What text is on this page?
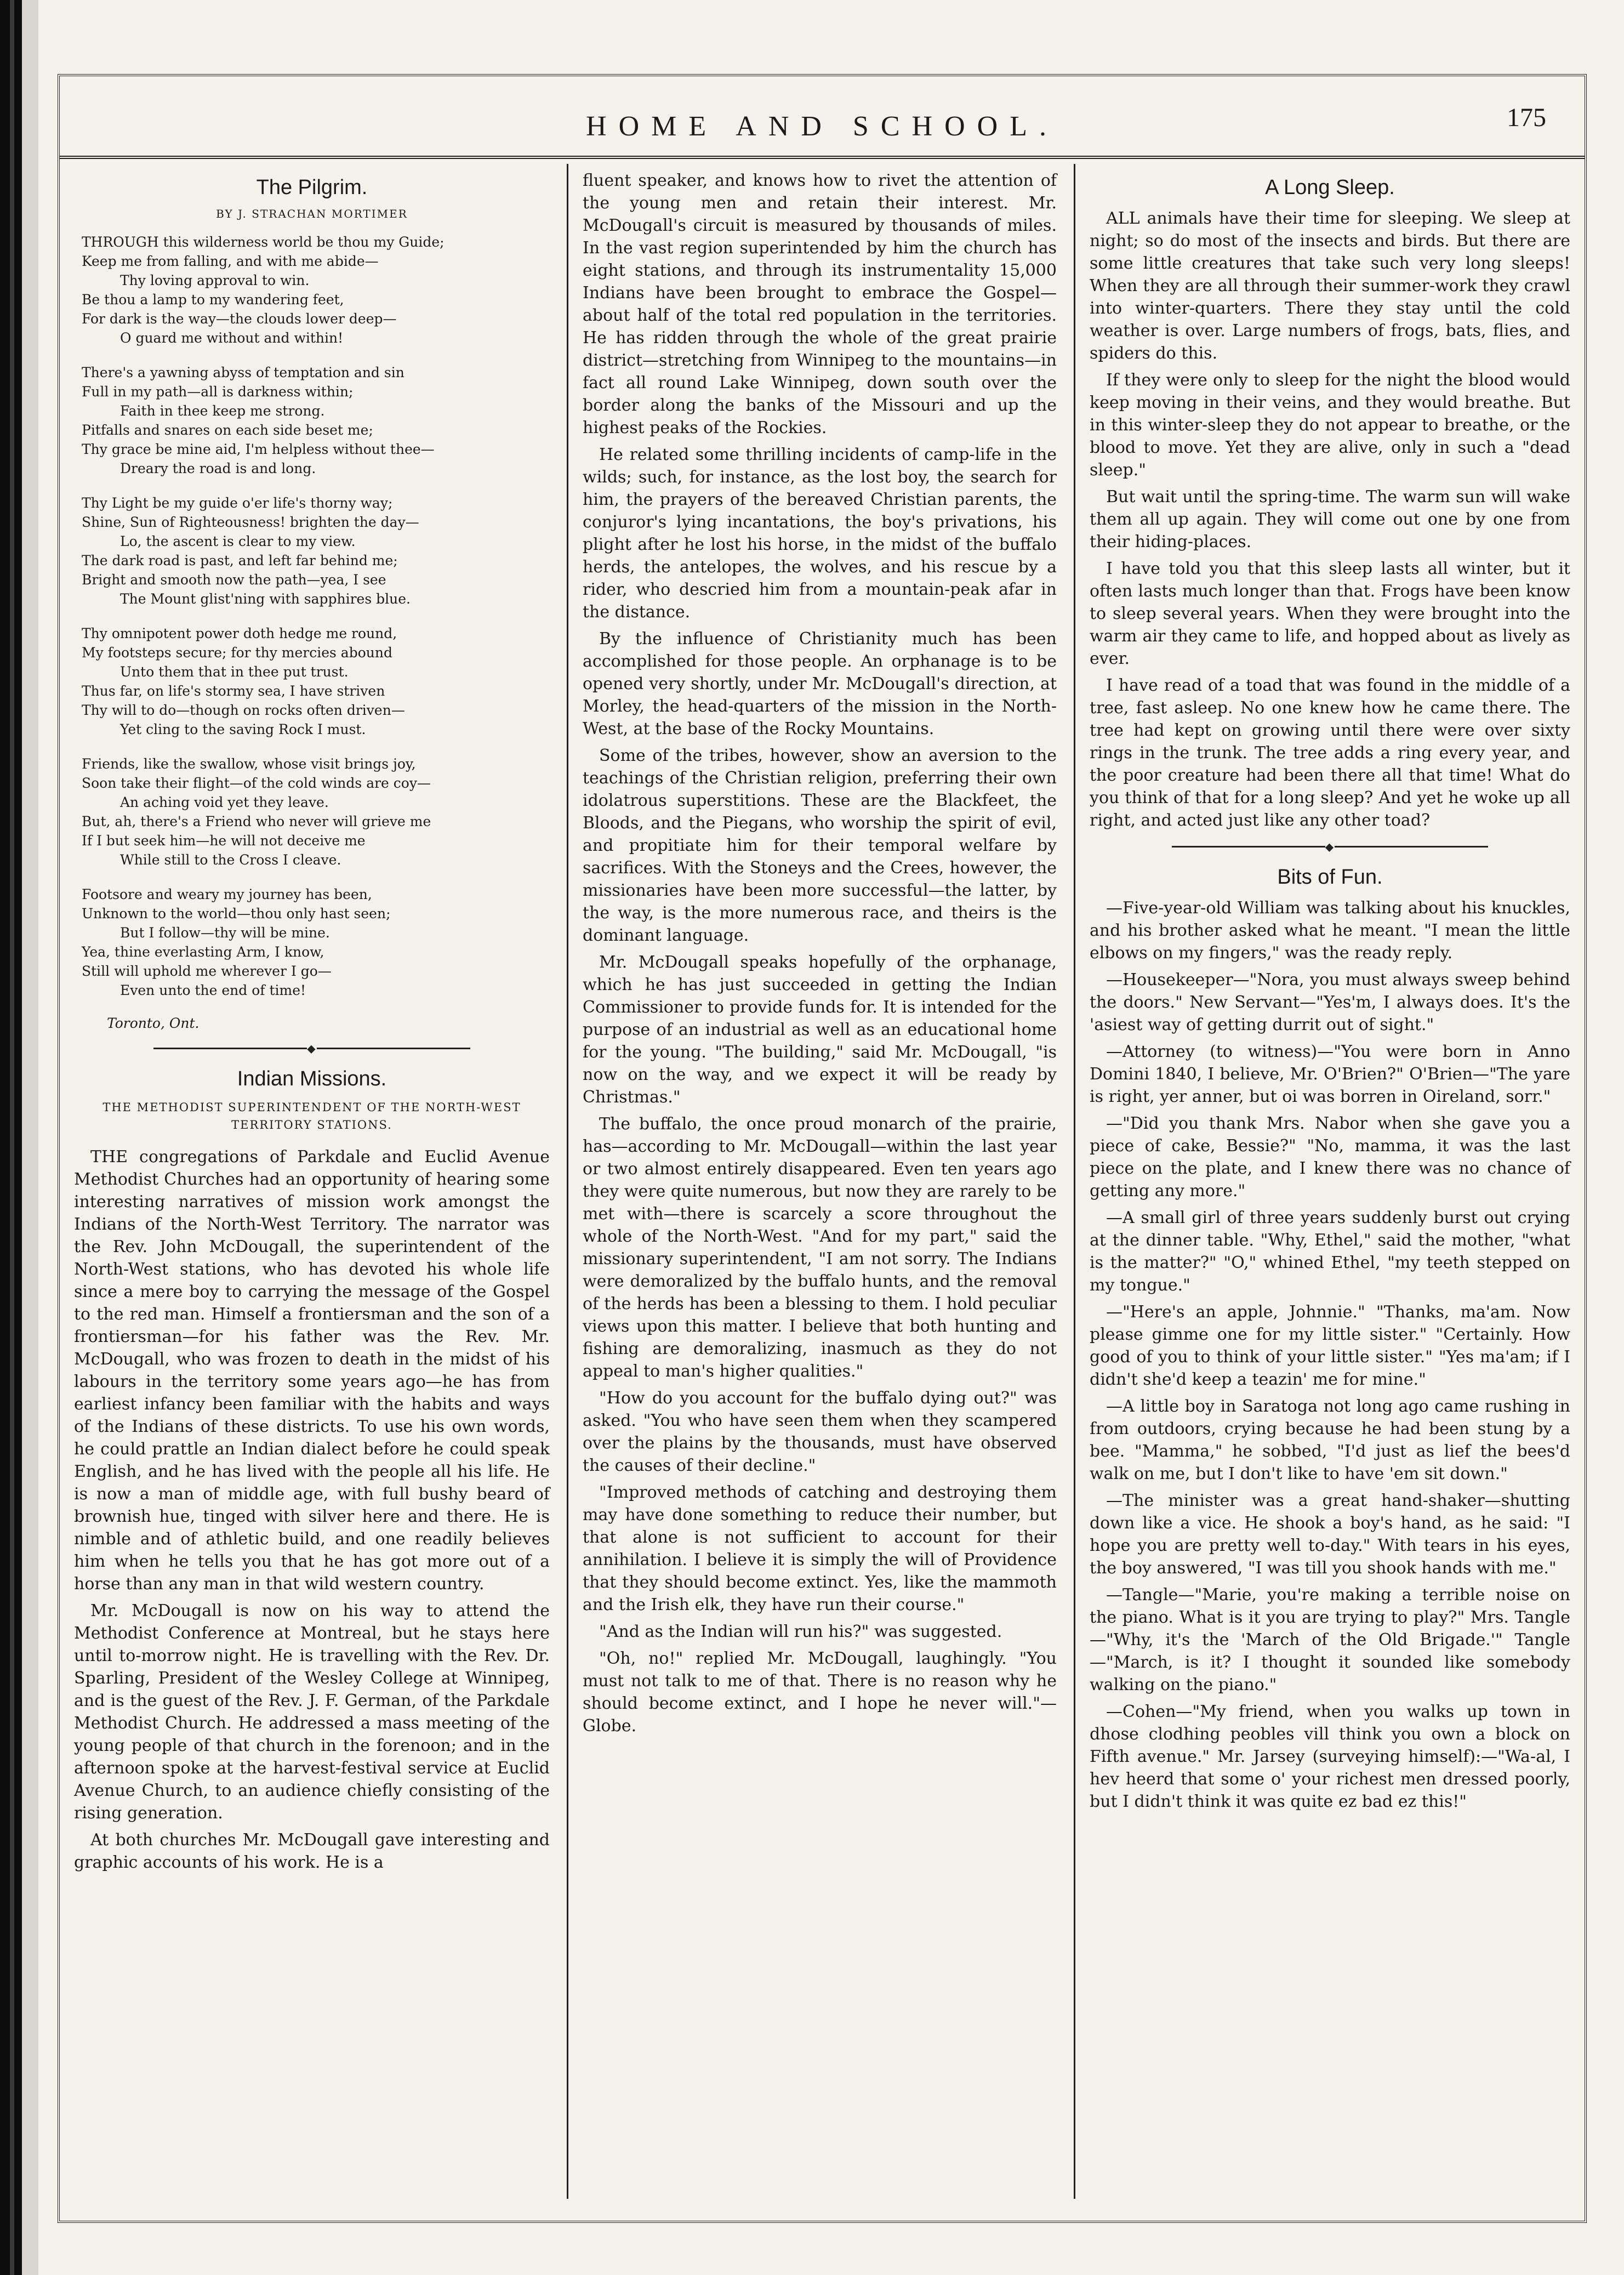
HOME AND SCHOOL.	175
The Pilgrim.
BY J. STRACHAN MORTIMER
THROUGH this wilderness world be thou my Guide;
Keep me from falling, and with me abide—
Thy loving approval to win.
Be thou a lamp to my wandering feet,
For dark is the way—the clouds lower deep—
O guard me without and within!
There's a yawning abyss of temptation and sin
Full in my path—all is darkness within;
Faith in thee keep me strong.
Pitfalls and snares on each side beset me;
Thy grace be mine aid, I'm helpless without thee—
Dreary the road is and long.
Thy Light be my guide o'er life's thorny way;
Shine, Sun of Righteousness! brighten the day—
Lo, the ascent is clear to my view.
The dark road is past, and left far behind me;
Bright and smooth now the path—yea, I see
The Mount glist'ning with sapphires blue.
Thy omnipotent power doth hedge me round,
My footsteps secure; for thy mercies abound
Unto them that in thee put trust.
Thus far, on life's stormy sea, I have striven
Thy will to do—though on rocks often driven—
Yet cling to the saving Rock I must.
Friends, like the swallow, whose visit brings joy,
Soon take their flight—of the cold winds are coy—
An aching void yet they leave.
But, ah, there's a Friend who never will grieve me
If I but seek him—he will not deceive me
While still to the Cross I cleave.
Footsore and weary my journey has been,
Unknown to the world—thou only hast seen;
But I follow—thy will be mine.
Yea, thine everlasting Arm, I know,
Still will uphold me wherever I go—
Even unto the end of time!
Toronto, Ont.
◆
Indian Missions.
THE METHODIST SUPERINTENDENT OF THE NORTH-WEST TERRITORY STATIONS.

THE congregations of Parkdale and Euclid Avenue Methodist Churches had an opportunity of hearing some interesting narratives of mission work amongst the Indians of the North-West Territory. The narrator was the Rev. John McDougall, the superintendent of the North-West stations, who has devoted his whole life since a mere boy to carrying the message of the Gospel to the red man. Himself a frontiersman and the son of a frontiersman—for his father was the Rev. Mr. McDougall, who was frozen to death in the midst of his labours in the territory some years ago—he has from earliest infancy been familiar with the habits and ways of the Indians of these districts. To use his own words, he could prattle an Indian dialect before he could speak English, and he has lived with the people all his life. He is now a man of middle age, with full bushy beard of brownish hue, tinged with silver here and there. He is nimble and of athletic build, and one readily believes him when he tells you that he has got more out of a horse than any man in that wild western country.

Mr. McDougall is now on his way to attend the Methodist Conference at Montreal, but he stays here until to-morrow night. He is travelling with the Rev. Dr. Sparling, President of the Wesley College at Winnipeg, and is the guest of the Rev. J. F. German, of the Parkdale Methodist Church. He addressed a mass meeting of the young people of that church in the forenoon; and in the afternoon spoke at the harvest-festival service at Euclid Avenue Church, to an audience chiefly consisting of the rising generation.

At both churches Mr. McDougall gave interesting and graphic accounts of his work. He is a

fluent speaker, and knows how to rivet the attention of the young men and retain their interest. Mr. McDougall's circuit is measured by thousands of miles. In the vast region superintended by him the church has eight stations, and through its instrumentality 15,000 Indians have been brought to embrace the Gospel—about half of the total red population in the territories. He has ridden through the whole of the great prairie district—stretching from Winnipeg to the mountains—in fact all round Lake Winnipeg, down south over the border along the banks of the Missouri and up the highest peaks of the Rockies.

He related some thrilling incidents of camp-life in the wilds; such, for instance, as the lost boy, the search for him, the prayers of the bereaved Christian parents, the conjuror's lying incantations, the boy's privations, his plight after he lost his horse, in the midst of the buffalo herds, the antelopes, the wolves, and his rescue by a rider, who descried him from a mountain-peak afar in the distance.

By the influence of Christianity much has been accomplished for those people. An orphanage is to be opened very shortly, under Mr. McDougall's direction, at Morley, the head-quarters of the mission in the North-West, at the base of the Rocky Mountains.

Some of the tribes, however, show an aversion to the teachings of the Christian religion, preferring their own idolatrous superstitions. These are the Blackfeet, the Bloods, and the Piegans, who worship the spirit of evil, and propitiate him for their temporal welfare by sacrifices. With the Stoneys and the Crees, however, the missionaries have been more successful—the latter, by the way, is the more numerous race, and theirs is the dominant language.

Mr. McDougall speaks hopefully of the orphanage, which he has just succeeded in getting the Indian Commissioner to provide funds for. It is intended for the purpose of an industrial as well as an educational home for the young. "The building," said Mr. McDougall, "is now on the way, and we expect it will be ready by Christmas."

The buffalo, the once proud monarch of the prairie, has—according to Mr. McDougall—within the last year or two almost entirely disappeared. Even ten years ago they were quite numerous, but now they are rarely to be met with—there is scarcely a score throughout the whole of the North-West. "And for my part," said the missionary superintendent, "I am not sorry. The Indians were demoralized by the buffalo hunts, and the removal of the herds has been a blessing to them. I hold peculiar views upon this matter. I believe that both hunting and fishing are demoralizing, inasmuch as they do not appeal to man's higher qualities."

"How do you account for the buffalo dying out?" was asked. "You who have seen them when they scampered over the plains by the thousands, must have observed the causes of their decline."

"Improved methods of catching and destroying them may have done something to reduce their number, but that alone is not sufficient to account for their annihilation. I believe it is simply the will of Providence that they should become extinct. Yes, like the mammoth and the Irish elk, they have run their course."

"And as the Indian will run his?" was suggested.

"Oh, no!" replied Mr. McDougall, laughingly. "You must not talk to me of that. There is no reason why he should become extinct, and I hope he never will."—Globe.

A Long Sleep.

ALL animals have their time for sleeping. We sleep at night; so do most of the insects and birds. But there are some little creatures that take such very long sleeps! When they are all through their summer-work they crawl into winter-quarters. There they stay until the cold weather is over. Large numbers of frogs, bats, flies, and spiders do this.

If they were only to sleep for the night the blood would keep moving in their veins, and they would breathe. But in this winter-sleep they do not appear to breathe, or the blood to move. Yet they are alive, only in such a "dead sleep."

But wait until the spring-time. The warm sun will wake them all up again. They will come out one by one from their hiding-places.

I have told you that this sleep lasts all winter, but it often lasts much longer than that. Frogs have been know to sleep several years. When they were brought into the warm air they came to life, and hopped about as lively as ever.

I have read of a toad that was found in the middle of a tree, fast asleep. No one knew how he came there. The tree had kept on growing until there were over sixty rings in the trunk. The tree adds a ring every year, and the poor creature had been there all that time! What do you think of that for a long sleep? And yet he woke up all right, and acted just like any other toad?

◆
Bits of Fun.

—Five-year-old William was talking about his knuckles, and his brother asked what he meant. "I mean the little elbows on my fingers," was the ready reply.

—Housekeeper—"Nora, you must always sweep behind the doors." New Servant—"Yes'm, I always does. It's the 'asiest way of getting durrit out of sight."

—Attorney (to witness)—"You were born in Anno Domini 1840, I believe, Mr. O'Brien?" O'Brien—"The yare is right, yer anner, but oi was borren in Oireland, sorr."

—"Did you thank Mrs. Nabor when she gave you a piece of cake, Bessie?" "No, mamma, it was the last piece on the plate, and I knew there was no chance of getting any more."

—A small girl of three years suddenly burst out crying at the dinner table. "Why, Ethel," said the mother, "what is the matter?" "O," whined Ethel, "my teeth stepped on my tongue."

—"Here's an apple, Johnnie." "Thanks, ma'am. Now please gimme one for my little sister." "Certainly. How good of you to think of your little sister." "Yes ma'am; if I didn't she'd keep a teazin' me for mine."

—A little boy in Saratoga not long ago came rushing in from outdoors, crying because he had been stung by a bee. "Mamma," he sobbed, "I'd just as lief the bees'd walk on me, but I don't like to have 'em sit down."

—The minister was a great hand-shaker—shutting down like a vice. He shook a boy's hand, as he said: "I hope you are pretty well to-day." With tears in his eyes, the boy answered, "I was till you shook hands with me."

—Tangle—"Marie, you're making a terrible noise on the piano. What is it you are trying to play?" Mrs. Tangle—"Why, it's the 'March of the Old Brigade.'" Tangle—"March, is it? I thought it sounded like somebody walking on the piano."

—Cohen—"My friend, when you walks up town in dhose clodhing peobles vill think you own a block on Fifth avenue." Mr. Jarsey (surveying himself):—"Wa-al, I hev heerd that some o' your richest men dressed poorly, but I didn't think it was quite ez bad ez this!"
